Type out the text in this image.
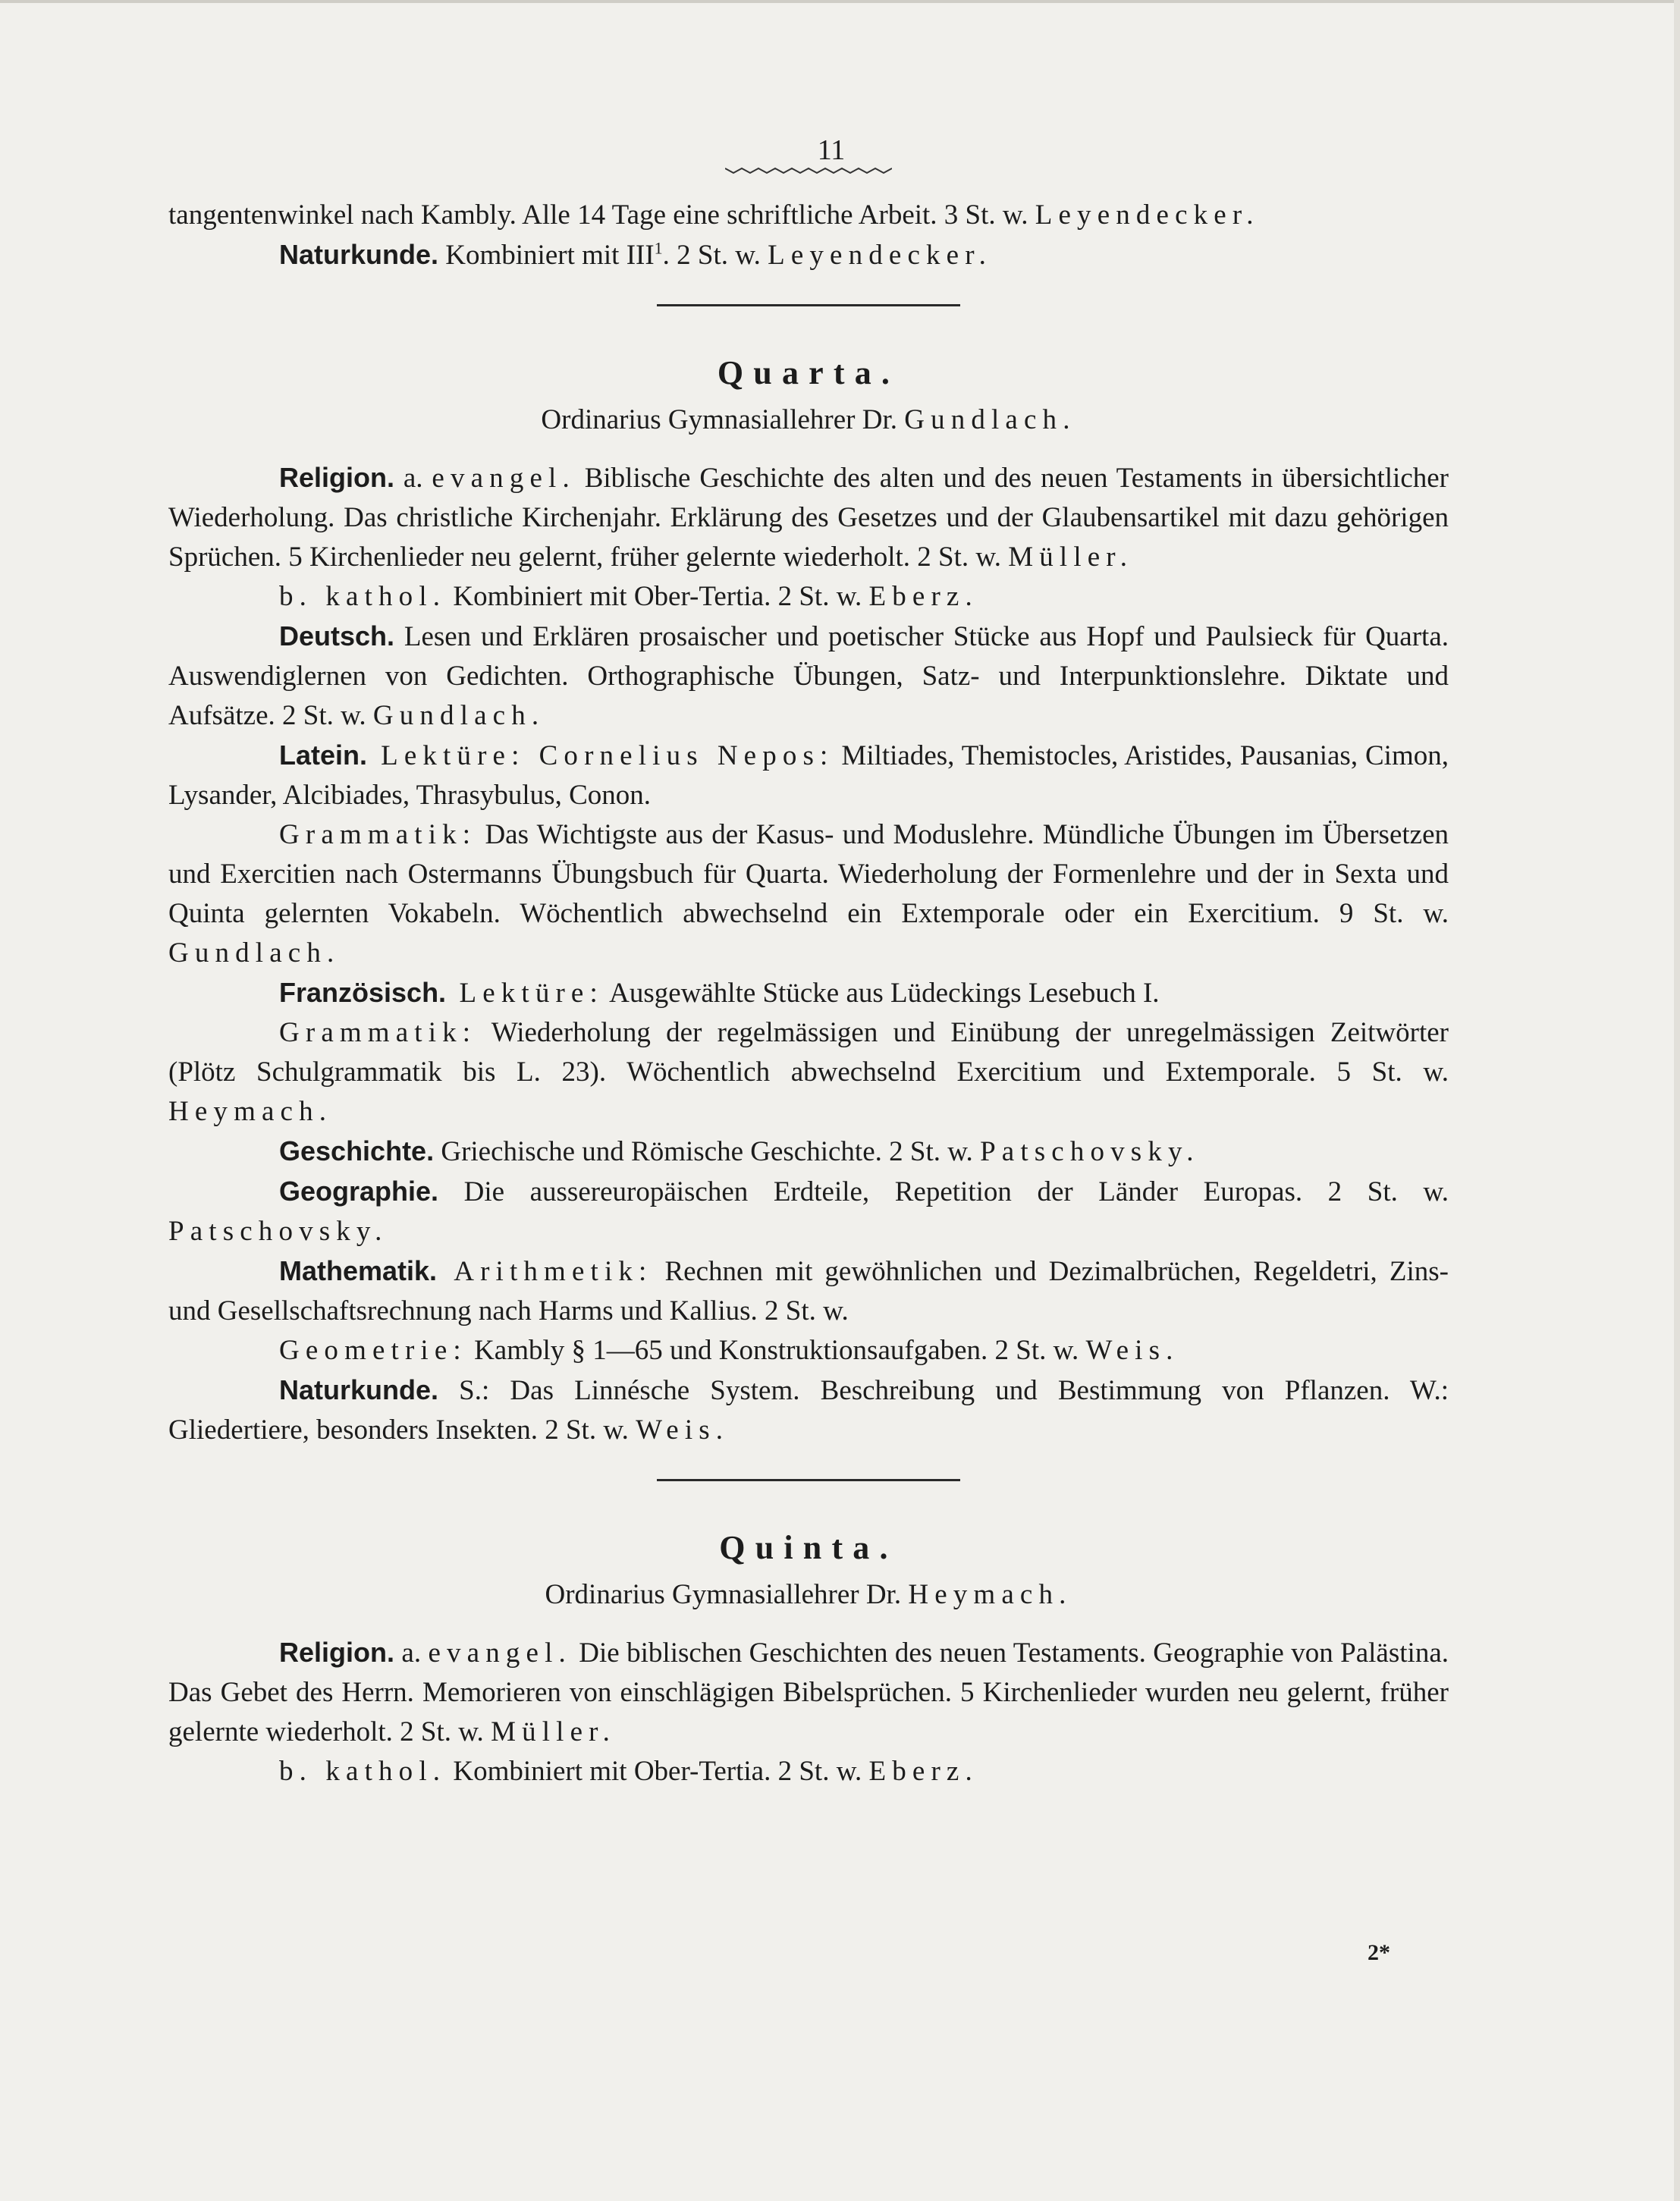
11

tangentenwinkel nach Kambly. Alle 14 Tage eine schriftliche Arbeit. 3 St. w. Leyendecker.

Naturkunde. Kombiniert mit III$^1$. 2 St. w. Leyendecker.

Quarta.

Ordinarius Gymnasiallehrer Dr. Gundlach.

Religion. a. evangel. Biblische Geschichte des alten und des neuen Testaments in übersichtlicher Wiederholung. Das christliche Kirchenjahr. Erklärung des Gesetzes und der Glaubensartikel mit dazu gehörigen Sprüchen. 5 Kirchenlieder neu gelernt, früher gelernte wiederholt. 2 St. w. Müller.

b. kathol. Kombiniert mit Ober-Tertia. 2 St. w. Eberz.

Deutsch. Lesen und Erklären prosaischer und poetischer Stücke aus Hopf und Paulsieck für Quarta. Auswendiglernen von Gedichten. Orthographische Übungen, Satz- und Interpunktionslehre. Diktate und Aufsätze. 2 St. w. Gundlach.

Latein. Lektüre: Cornelius Nepos: Miltiades, Themistocles, Aristides, Pausanias, Cimon, Lysander, Alcibiades, Thrasybulus, Conon.

Grammatik: Das Wichtigste aus der Kasus- und Moduslehre. Mündliche Übungen im Übersetzen und Exercitien nach Ostermanns Übungsbuch für Quarta. Wiederholung der Formenlehre und der in Sexta und Quinta gelernten Vokabeln. Wöchentlich abwechselnd ein Extemporale oder ein Exercitium. 9 St. w. Gundlach.

Französisch. Lektüre: Ausgewählte Stücke aus Lüdeckings Lesebuch I.

Grammatik: Wiederholung der regelmässigen und Einübung der unregelmässigen Zeitwörter (Plötz Schulgrammatik bis L. 23). Wöchentlich abwechselnd Exercitium und Extemporale. 5 St. w. Heymach.

Geschichte. Griechische und Römische Geschichte. 2 St. w. Patschovsky.

Geographie. Die aussereuropäischen Erdteile, Repetition der Länder Europas. 2 St. w. Patschovsky.

Mathematik. Arithmetik: Rechnen mit gewöhnlichen und Dezimalbrüchen, Regeldetri, Zins- und Gesellschaftsrechnung nach Harms und Kallius. 2 St. w.

Geometrie: Kambly § 1—65 und Konstruktionsaufgaben. 2 St. w. Weis.

Naturkunde. S.: Das Linnésche System. Beschreibung und Bestimmung von Pflanzen. W.: Gliedertiere, besonders Insekten. 2 St. w. Weis.

Quinta.

Ordinarius Gymnasiallehrer Dr. Heymach.

Religion. a. evangel. Die biblischen Geschichten des neuen Testaments. Geographie von Palästina. Das Gebet des Herrn. Memorieren von einschlägigen Bibelsprüchen. 5 Kirchenlieder wurden neu gelernt, früher gelernte wiederholt. 2 St. w. Müller.

b. kathol. Kombiniert mit Ober-Tertia. 2 St. w. Eberz.

2*
